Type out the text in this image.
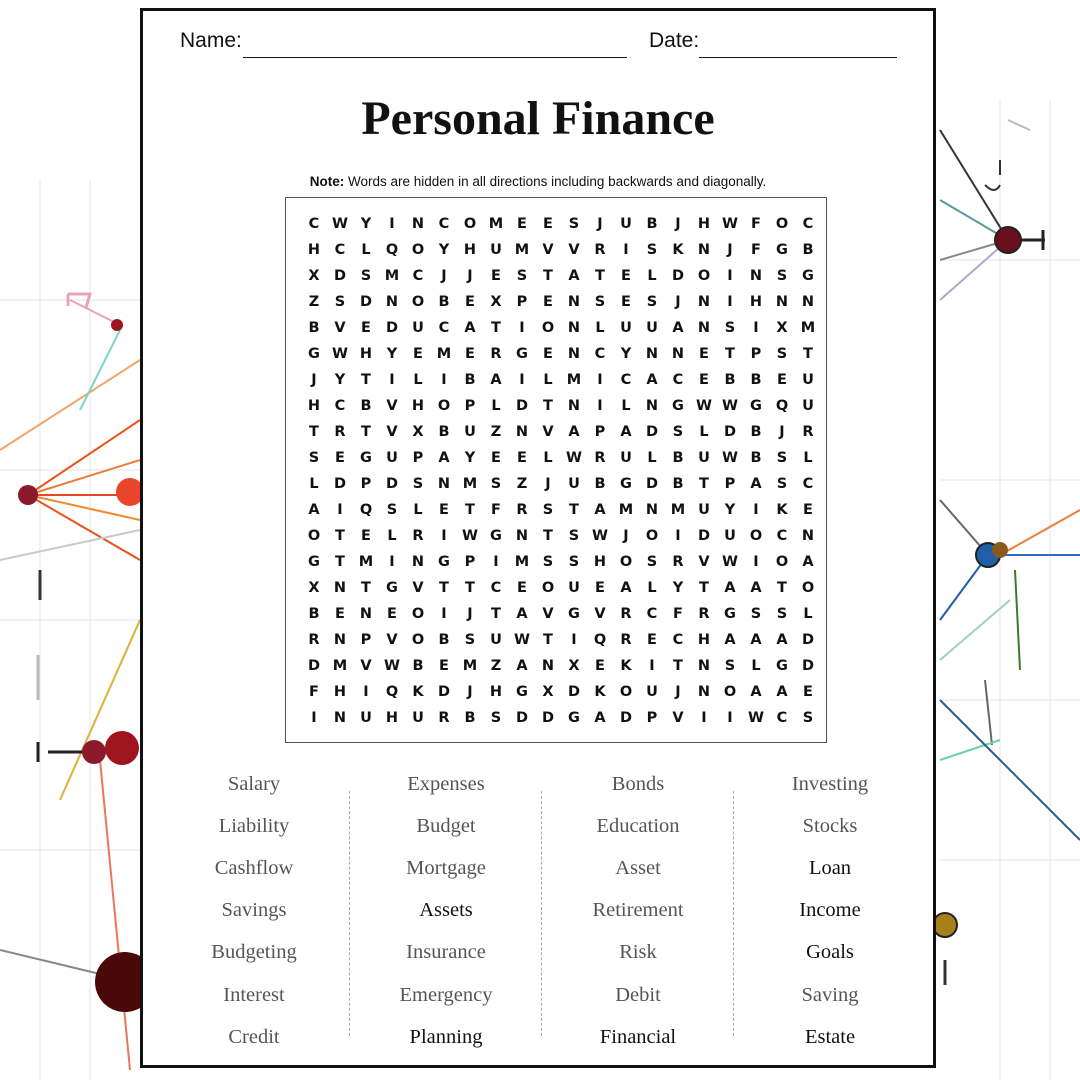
Name:	Date:
Personal Finance
Note: Words are hidden in all directions including backwards and diagonally.
C W Y	I	N	C	O M E	E	S	J	U	B	J	H W F	O	C
H	C	L	Q O	Y	H U M V	V	R	I	S	K N	J	F	G	B
X D	S M C	J	J	E	S	T	A	T	E	L	D O	I	N	S	G
Z	S	D N O B	E	X	P	E	N	S	E	S	J	N	I	H N N
B	V	E	D U	C	A	T	I	O N	L	U U A N	S	I	X M
G W H	Y	E M E	R G	E	N	C	Y	N N	E	T	P	S	T
J	Y	T	I	L	I	B	A	I	L M	I	C	A	C	E	B	B	E	U
H	C	B	V H O	P	L	D	T	N	I	L	N G W W G Q U
T	R	T	V	X	B	U	Z	N V	A	P	A D	S	L	D B	J	R
S	E	G U	P	A	Y	E	E	L W R	U	L	B	U W B	S	L
L	D	P	D	S	N M S	Z	J	U	B	G D B	T	P	A	S	C
A	I	Q	S	L	E	T	F	R	S	T	A M N M U	Y	I	K	E
O	T	E	L	R	I	W G N	T	S W	J	O	I	D U O	C	N
G	T M	I	N G	P	I	M S	S	H O	S	R	V W	I	O A
X N	T	G V	T	T	C	E	O U	E	A	L	Y	T	A	A	T	O
B	E	N	E	O	I	J	T	A	V G V	R	C	F	R G	S	S	L
R N	P	V O B	S	U W T	I	Q R	E	C	H A	A	A D
D M V W B	E M Z	A N X	E	K	I	T	N	S	L	G D
F	H	I	Q K D	J	H G X D K O U	J	N O A	A	E
I	N U H U	R	B	S	D D G A D	P	V	I	I	W C	S
Salary
Liability
Cashflow
Savings
Budgeting
Interest
Credit
Expenses
Budget
Mortgage
Assets
Insurance
Emergency
Planning
Bonds
Education
Asset
Retirement
Risk
Debit
Financial
Investing
Stocks
Loan
Income
Goals
Saving
Estate
